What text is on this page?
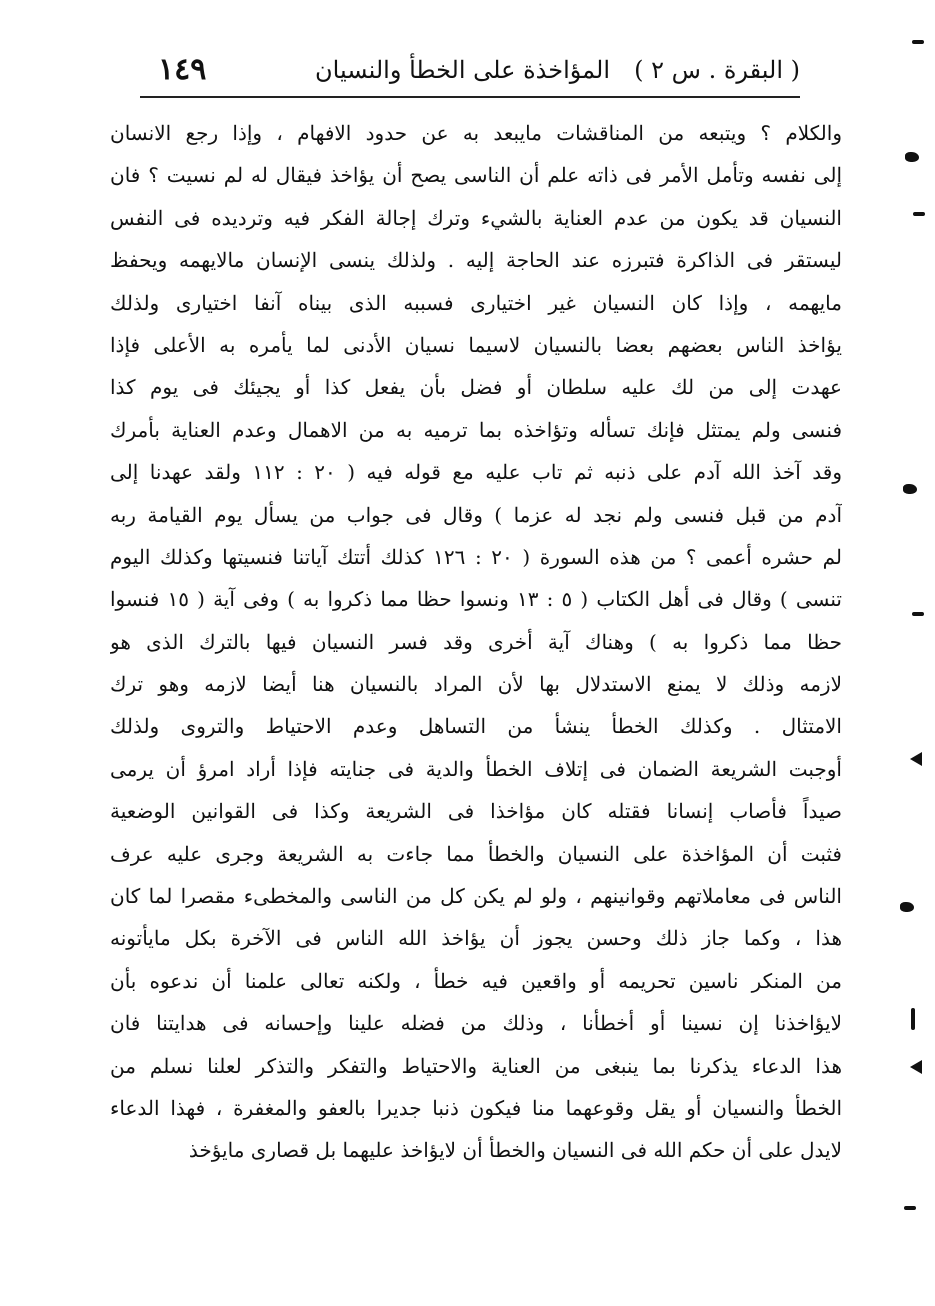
( البقرة . س ٢ )
المؤاخذة على الخطأ والنسيان
١٤٩
والكلام ؟ ويتبعه من المناقشات مايبعد به عن حدود الافهام ، وإذا رجع الانسان
إلى نفسه وتأمل الأمر فى ذاته علم أن الناسى يصح أن يؤاخذ فيقال له لم نسيت ؟ فان
النسيان قد يكون من عدم العناية بالشيء وترك إجالة الفكر فيه وترديده فى النفس
ليستقر فى الذاكرة فتبرزه عند الحاجة إليه . ولذلك ينسى الإنسان مالايهمه ويحفظ
مايهمه ، وإذا كان النسيان غير اختيارى فسببه الذى بيناه آنفا اختيارى ولذلك
يؤاخذ الناس بعضهم بعضا بالنسيان لاسيما نسيان الأدنى لما يأمره به الأعلى فإذا
عهدت إلى من لك عليه سلطان أو فضل بأن يفعل كذا أو يجيئك فى يوم كذا
فنسى ولم يمتثل فإنك تسأله وتؤاخذه بما ترميه به من الاهمال وعدم العناية بأمرك
وقد آخذ الله آدم على ذنبه ثم تاب عليه مع قوله فيه ( ٢٠ : ١١٢ ولقد عهدنا إلى
آدم من قبل فنسى ولم نجد له عزما ) وقال فى جواب من يسأل يوم القيامة ربه
لم حشره أعمى ؟ من هذه السورة ( ٢٠ : ١٢٦ كذلك أتتك آياتنا فنسيتها وكذلك اليوم
تنسى ) وقال فى أهل الكتاب ( ٥ : ١٣ ونسوا حظا مما ذكروا به ) وفى آية ( ١٥ فنسوا
حظا مما ذكروا به ) وهناك آية أخرى وقد فسر النسيان فيها بالترك الذى هو
لازمه وذلك لا يمنع الاستدلال بها لأن المراد بالنسيان هنا أيضا لازمه وهو ترك
الامتثال . وكذلك الخطأ ينشأ من التساهل وعدم الاحتياط والتروى ولذلك
أوجبت الشريعة الضمان فى إتلاف الخطأ والدية فى جنايته فإذا أراد امرؤ أن يرمى
صيداً فأصاب إنسانا فقتله كان مؤاخذا فى الشريعة وكذا فى القوانين الوضعية
فثبت أن المؤاخذة على النسيان والخطأ مما جاءت به الشريعة وجرى عليه عرف
الناس فى معاملاتهم وقوانينهم ، ولو لم يكن كل من الناسى والمخطىء مقصرا لما كان
هذا ، وكما جاز ذلك وحسن يجوز أن يؤاخذ الله الناس فى الآخرة بكل مايأتونه
من المنكر ناسين تحريمه أو واقعين فيه خطأ ، ولكنه تعالى علمنا أن ندعوه بأن
لايؤاخذنا إن نسينا أو أخطأنا ، وذلك من فضله علينا وإحسانه فى هدايتنا فان
هذا الدعاء يذكرنا بما ينبغى من العناية والاحتياط والتفكر والتذكر لعلنا نسلم من
الخطأ والنسيان أو يقل وقوعهما منا فيكون ذنبا جديرا بالعفو والمغفرة ، فهذا الدعاء
لايدل على أن حكم الله فى النسيان والخطأ أن لايؤاخذ عليهما بل قصارى مايؤخذ
